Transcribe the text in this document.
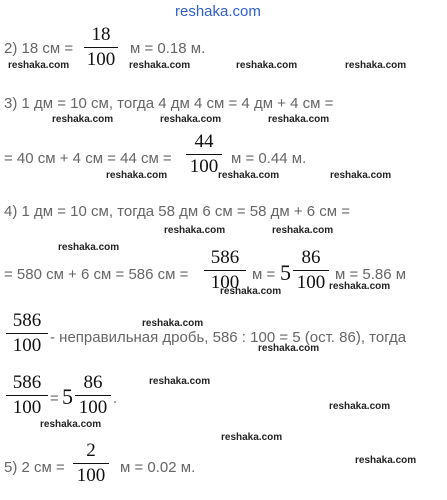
reshaka.com
2) 18 см =
18
100
м = 0.18 м.
reshaka.com	reshaka.com	reshaka.com	reshaka.com
3) 1 дм = 10 см, тогда 4 дм 4 см = 4 дм + 4 см =
reshaka.com	reshaka.com	reshaka.com
= 40 см + 4 см = 44 см =
44
100 м = 0.44 м.
reshaka.com	reshaka.com	reshaka.com
4) 1 дм = 10 см, тогда 58 дм 6 см = 58 дм + 6 см =
reshaka.com	reshaka.com
reshaka.com
= 580 см + 6 см = 586 см =
586
100 м = 5
86
100 м = 5.86 м
reshaka.com	reshaka.com
586
100
reshaka.com
- неправильная дробь, 586 : 100 = 5 (ост. 86), тогда
reshaka.com
586
100 = 5
86
100 .
reshaka.com
reshaka.com
reshaka.com
reshaka.com
5) 2 см =
2
100 м = 0.02 м.	reshaka.com
